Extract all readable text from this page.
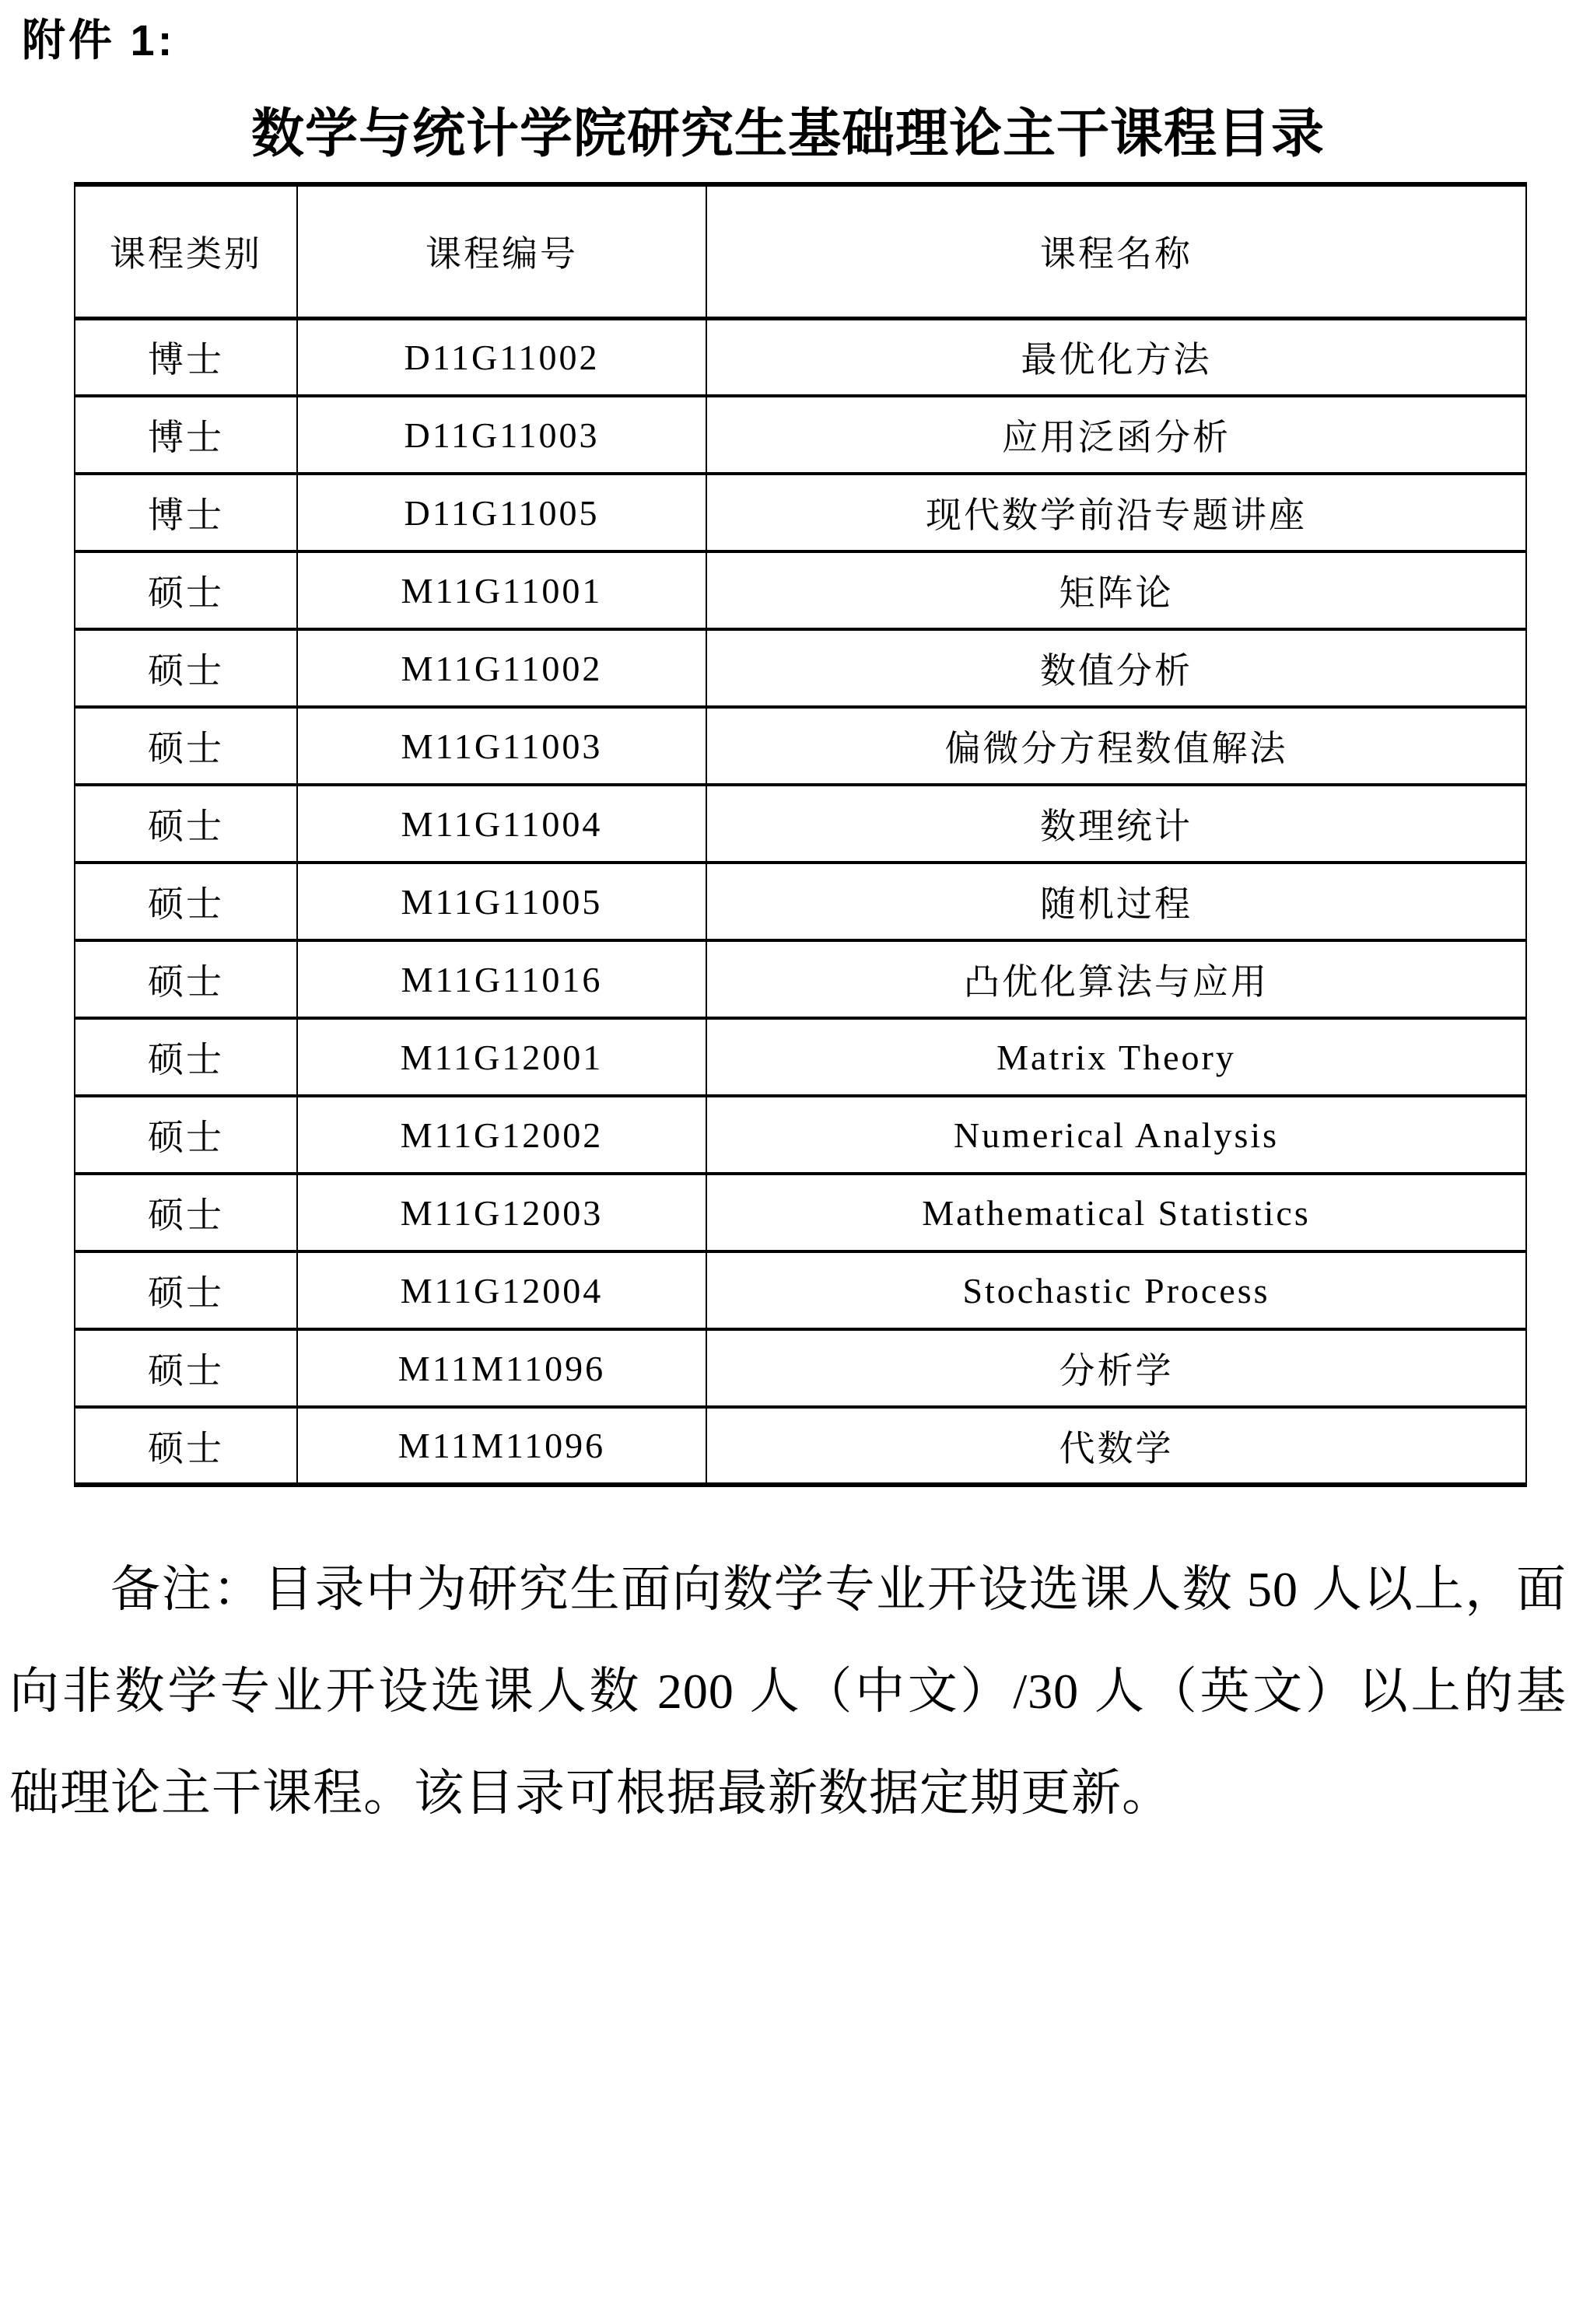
附件 1:
数学与统计学院研究生基础理论主干课程目录
课程类别	课程编号	课程名称
博士	D11G11002	最优化方法
博士	D11G11003	应用泛函分析
博士	D11G11005	现代数学前沿专题讲座
硕士	M11G11001	矩阵论
硕士	M11G11002	数值分析
硕士	M11G11003	偏微分方程数值解法
硕士	M11G11004	数理统计
硕士	M11G11005	随机过程
硕士	M11G11016	凸优化算法与应用
硕士	M11G12001	Matrix Theory
硕士	M11G12002	Numerical Analysis
硕士	M11G12003	Mathematical Statistics
硕士	M11G12004	Stochastic Process
硕士	M11M11096	分析学
硕士	M11M11096	代数学
备注：目录中为研究生面向数学专业开设选课人数 50 人以上，面
向非数学专业开设选课人数 200 人（中文）/30 人（英文）以上的基
础理论主干课程。该目录可根据最新数据定期更新。
